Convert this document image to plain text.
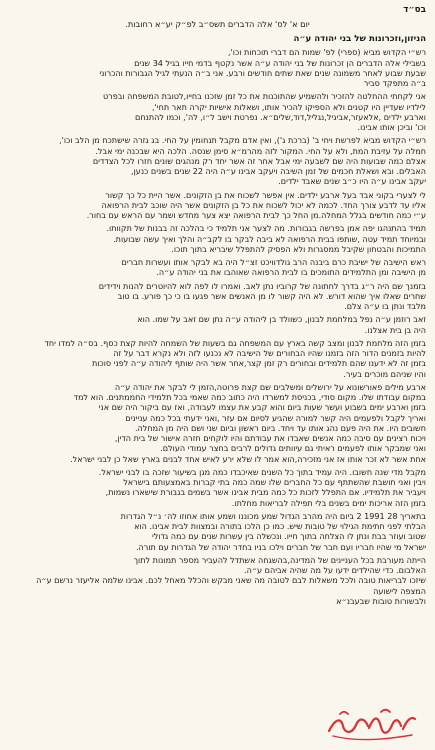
בס״ד
יום א' לס' אלה הדברים תשס״ב לפ״ק יע״א רחובות.
הניזון,וזכרונות של בני יהודה ע״ה

רש״י הקדוש מביא (ספרי) לפ' שמות הם דברי תוכחות וכו',
בשבילי אלה הדברים הן זכרונות של בני יהודה ע״ה אשר נקטף בדמי חייו בגיל 34 שנים
שבעת שבוע לאחר משמונה שנים שאת שתים חודשים ורבע. אני ב״ה הנעתי לגיל הגבורות והכרוני
ב״ה מתפקד סביר

אני לקחתי ההחלטה להזכיר ולהשמיע שהתוכנות את כל זמן שזכנו בחייו,לטובת המשפחה ובפרט
לילדיו שעדיין היו קטנים ולא הספיקו להכיר אותו, ושאלות אישיות יקרה תאר תחי',
וארבע ילדים ,אלאעזר,אביגיל,נגליל,דוד,שלים״א. נפרטת וישב ל״ו, לה', וכמו להתנחם
וכו' וביכן אותו אבינו.

רש״י הקדוש מביא לפרשת ויחי ב' (ברכת ג'), ואין אדם מקבל תנחומין על החי. בג גזרה שישתכח מן הלב וכו',
חמלה על עזיבת המת, ולא על החי. המקור לזה מהרמ״א סימן שנסה. הלכה היא שבכנה ימי אבל.
אצלם כמה שבועות היה שם לשבעה ימי אבל אחר זה אשר יחד רק מנהגים שונים חזרו לכל הצדדים
האבלים. ובא ושאלת חכמים של זמן השיבה ויעקב אבינו ע״ה היה 22 שנים בשנים כנען,
יעקב אבינו ע״ה היו כ״ב שנים שאבד ילדים.

לי לצערי בקוני אבד בעל ארבע ילדים. אין אפשר לשכוח את בן הזקונים. אשר היית כל כך קשור
אליו עד לדבע צורך החד. לכמה לא יכול לשכוח את כל בן הזקונים אשר היה שוכב לבית הרפואה
ע״י כמה חודשים בגלל המחלה.מן החל כך לבית הרפואה יצא צער מחדש ושמר עם הראש עם בחור.

תמיד בהתנהגו יפה אמן בפרשה בגבורות. מה לצער אני תלמיד כי בהלכה זה בבנות של תקוותו.
ובמיוחד תמיד עטה ,שותפו בבית הרפואה לא ביבה לבקר בו לקב״ה והלך ואיך עשה שבועות.
התמיכות והבטחון שקיבל ממסגרות ולא הפסיק להתפלל שיבריא בתוך תוכו.

ראש הישיבה של ישיבת כרם ביבנה הרב גולדוויכט זצ״ל היה בא לבקר אותו ועשרות חברים
מן הישיבה ומן התלמידים התומכים בו לבית הרפואה שאוהבו את בני יהודה ע״ה.

בזמנך שם היה ר״ג בדרך לחתונה של קרוביו נתן לאב. ואמרו לו לפה לוא להיוטרים להנות וידידים
שחרים שאלו איך שהוא דורש. לא היה קשור לו מן האנשים אשר פגעו בו כי כך פורע. בו טוב
מלבד ונתן בו ע״ה צלם.

זאב רוזמן ע״ה נפל במלחמת לבנון, כשוולד בן ליהודה ע״ה נתן שם זאב על שמו. הוא
היה בן בית אצלנו.

בזמן הזה מלחמת לבנון ומצב קשה בארץ עם המשפחה גם בשעות של השמחה להיות קצת כסף. בס״ה למדו יחד
להיות בזמנים הדור הזה בזמנו שהיו הבחורים של הישיבה לא נכנעו לזה ולא נקרא דבר על זה
בזמן זה לא ידענו שהם תלמידים ובחורים רק זמן קצר,אחר אשר היה שותף ליהודה ע״ה לפני סוכות
והיו שניהם מוכרים בעיר.

ארבע מילים פאורשונוא על ירושלים ומשלבים שם קצת פרוטה,הזמן לי לבקר את יהודה ע״ה
במקום עבודתו שלו. מקום סודי, בכניסת למשרדו היה כתוב כמה שאמי בכל תלמידי החממתנים. הוא למד
בזמן וארבע ימים בשבוע ועשר שעות ביום והוא קבע את עצמו לעבודה, ואז עם ביקור היה שם אני
ואריך לקבל ולפעמים היה קשר למורה שהגיע לסיום אם עזר ,ואני ידעתי בכל כמה עניינים
חשובים היו. את היה פעם נהג אותו עד ויחד. ביום ראשון וביום שני ושם היה מן המחלה.
ויכוח רצינים עם סיבה כמה אנשים שאבדו את עבודתם והיו לוקחים חזרה אישור של בית הדין,
ואני שמבקר אותו לפעמים ראיתי גם עיוותים גדולים לרבים בחצר עמודי העולם.
אחת אשר לא זכר אותו אז אני מזכירה,הוא אמר לו שלא ירע לאיש אחד לבנים בארץ שאל כן לבני ישראל.

מקבל מדי שנה חשובו. היה עמיד בתוך כל השנים שאיכבדו כמה מגן בשיעור שזכה בו לבני ישראל.
ויבין ואני חושבת שהשתתף עם כל החברים שלו שמה כמה בתי קברות באמצעותם בישראל
ויעביר את תלמידיו. אם התפלל לזכות כל כמה מבית אבינו אשר בשמים בגבורת שישארו נשמות,
בזמן הזה אריכות ימים בשנים בלי תפילה לבריאות מחלתו.

בתאריך 28 1991 2 ביום היה מהרב הגדול שמע מכוננו ושמע אותו אחוזו לה׳ נ״ל הגדרות
הבלתי לפני חתימת הגילוי של טובות שיש. כמו כן הלכו בתורה ובמצוות לבית אבינו. הוא
שטוב ועוזר בבת ונתן לו הצלחה בתוך חייו. ונכשלה בין עשרות שנים עם כמה גדולי
ישראל מי שהיו חבריו ועם חבר של חברים וילכו בניו בחדר יהודה של הגדרות עם תורה.

הייתה מעורבת בכל העניינים של המדינה,בהשגחה אשתדל להעביר מספר תמונות לתוך
האלבום. כדי שהילדים ידעו על מה שהיה אביהם ע״ה.
שיזכו לבריאות טובה ולכל משאלות לבם לטובה מה שאני מבקש והכלל מאחל לכם. אבינו שלמה אליעזר נרשם ע״ה
המצפה לישועה
ולבשורות טובות שבעבנ״א
